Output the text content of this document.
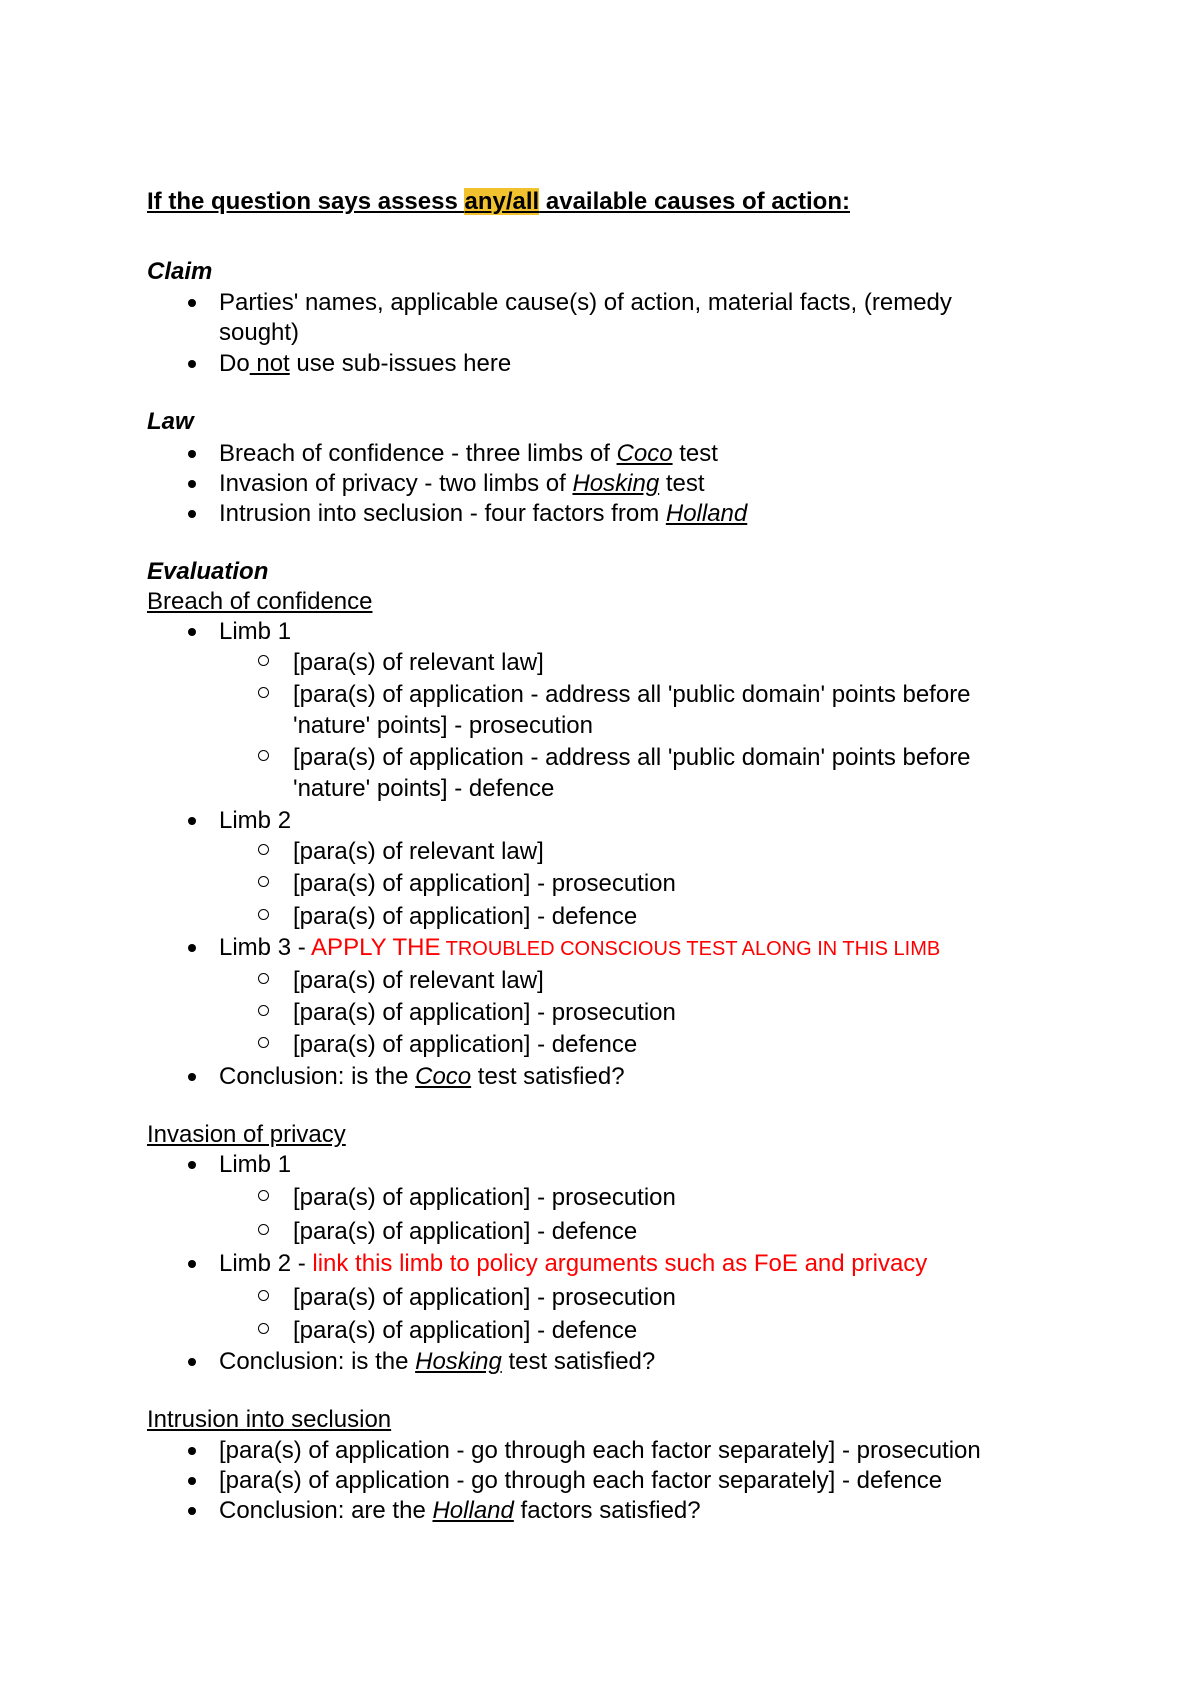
If the question says assess any/all available causes of action:
Claim
Parties' names, applicable cause(s) of action, material facts, (remedy
sought)
Do not use sub-issues here
Law
Breach of confidence - three limbs of Coco test
Invasion of privacy - two limbs of Hosking test
Intrusion into seclusion - four factors from Holland
Evaluation
Breach of confidence
Limb 1
[para(s) of relevant law]
[para(s) of application - address all 'public domain' points before
'nature' points] - prosecution
[para(s) of application - address all 'public domain' points before
'nature' points] - defence
Limb 2
[para(s) of relevant law]
[para(s) of application] - prosecution
[para(s) of application] - defence
Limb 3 - APPLY THE TROUBLED CONSCIOUS TEST ALONG IN THIS LIMB
[para(s) of relevant law]
[para(s) of application] - prosecution
[para(s) of application] - defence
Conclusion: is the Coco test satisfied?
Invasion of privacy
Limb 1
[para(s) of application] - prosecution
[para(s) of application] - defence
Limb 2 - link this limb to policy arguments such as FoE and privacy
[para(s) of application] - prosecution
[para(s) of application] - defence
Conclusion: is the Hosking test satisfied?
Intrusion into seclusion
[para(s) of application - go through each factor separately] - prosecution
[para(s) of application - go through each factor separately] - defence
Conclusion: are the Holland factors satisfied?
